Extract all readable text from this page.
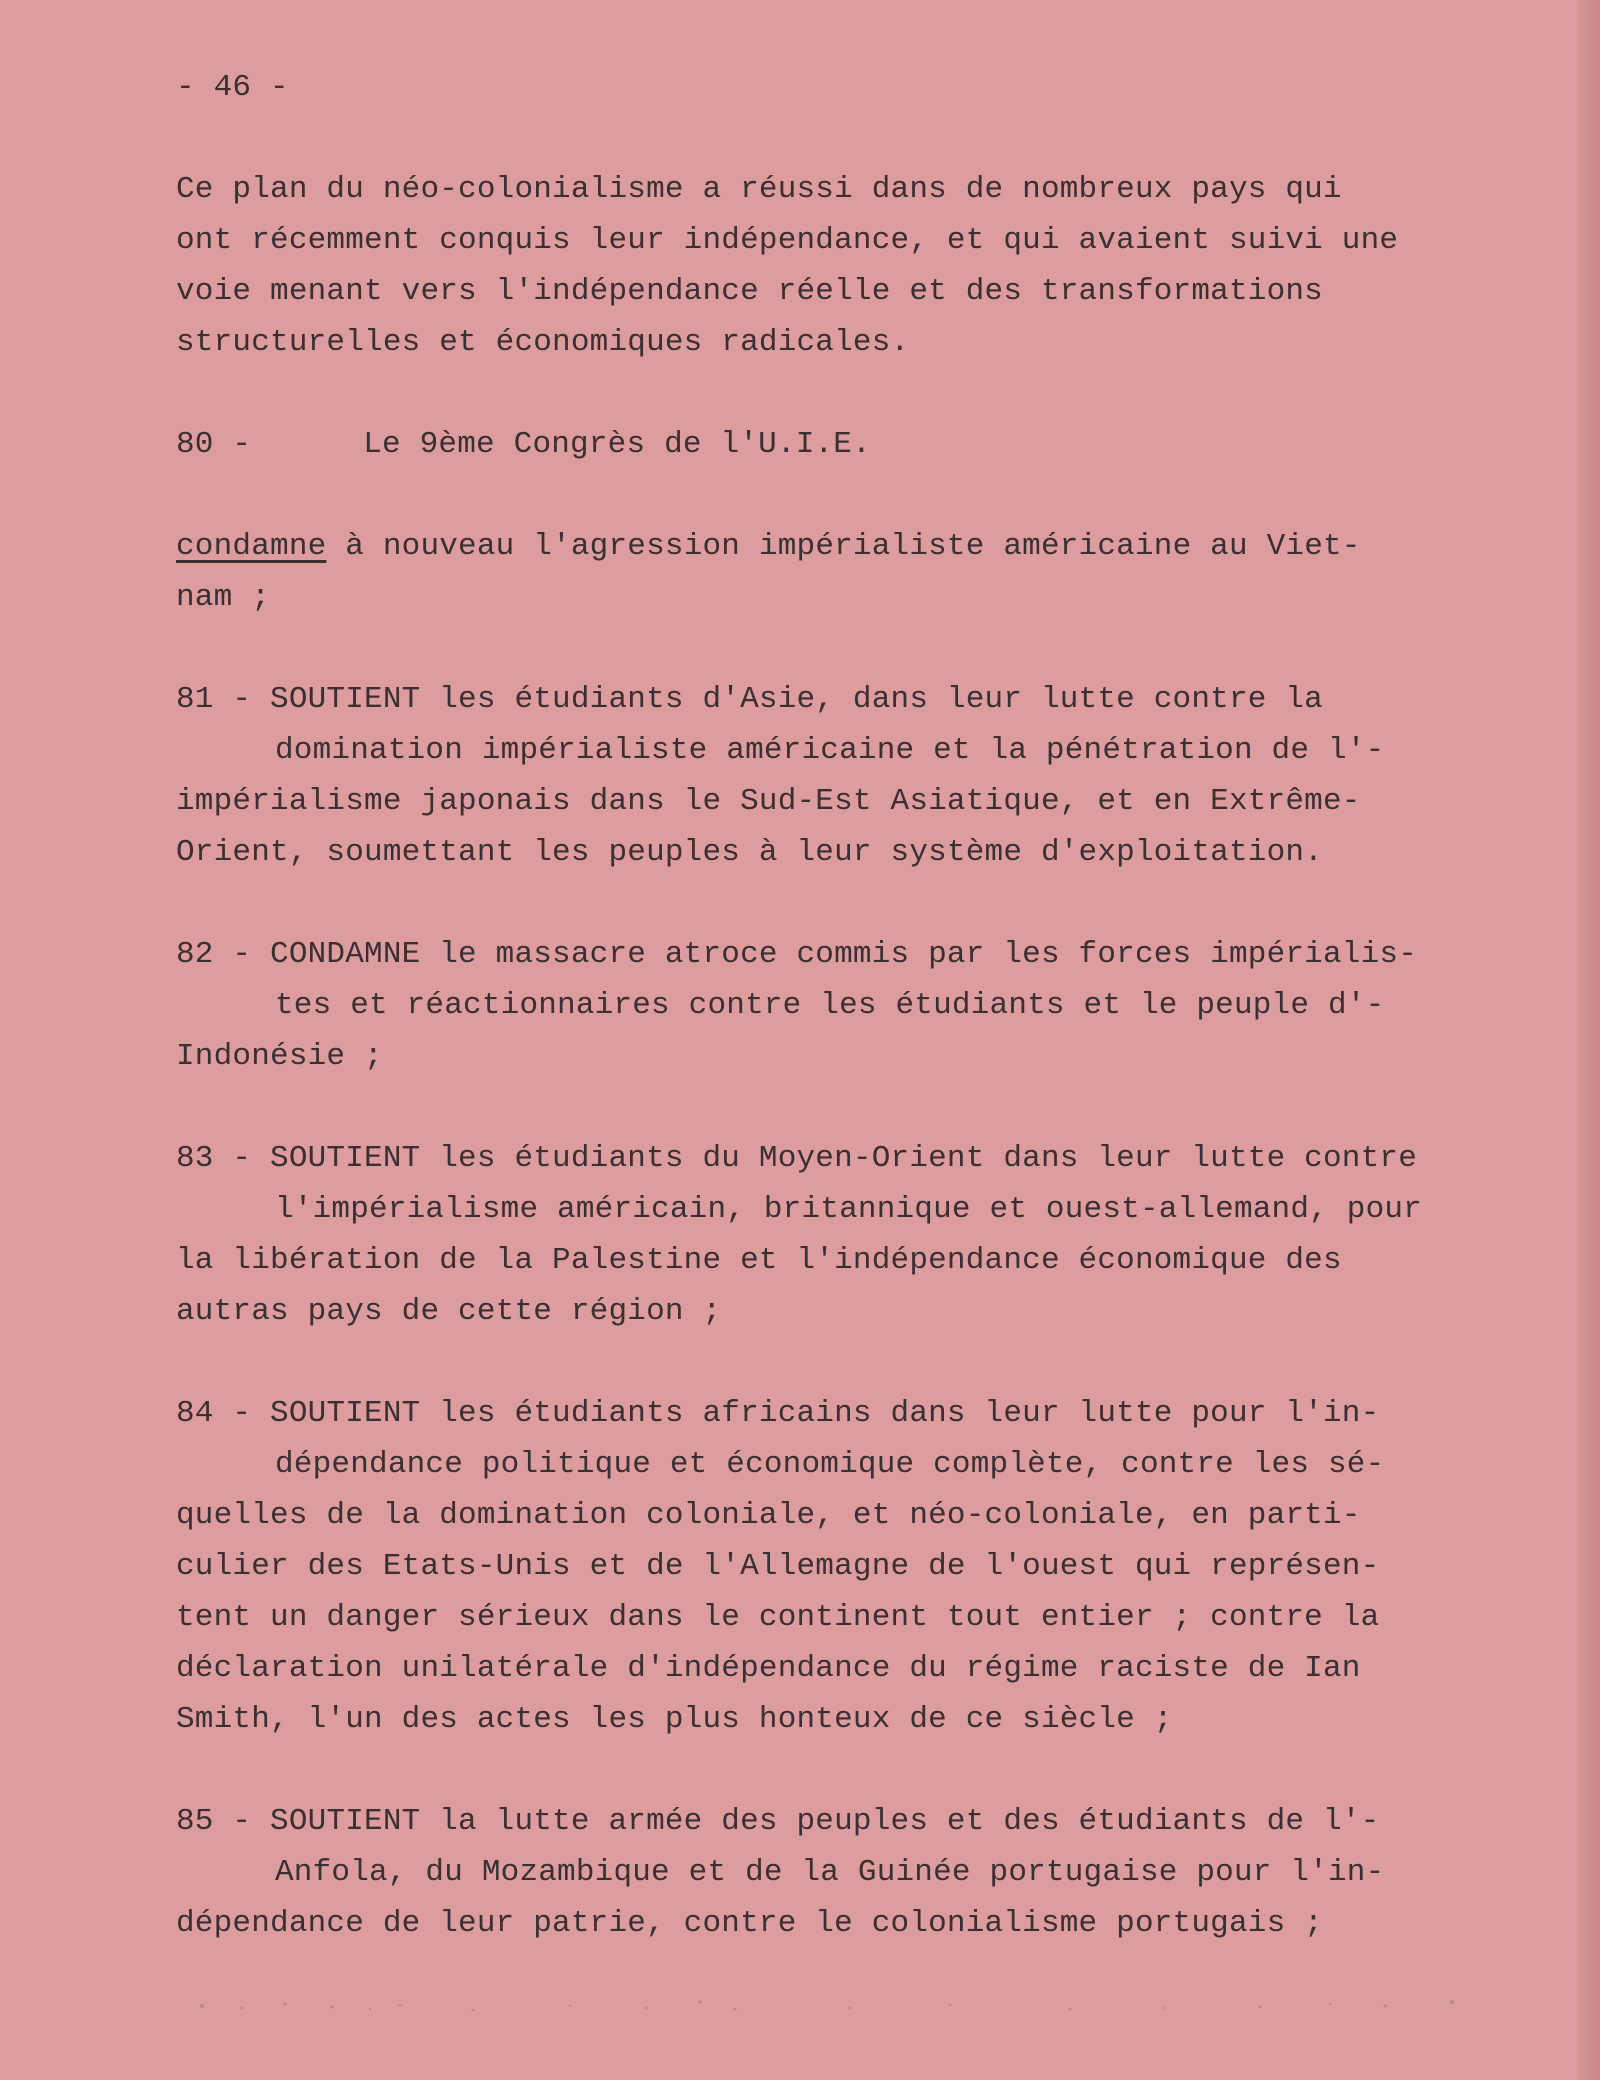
- 46 -

Ce plan du néo-colonialisme a réussi dans de nombreux pays qui
ont récemment conquis leur indépendance, et qui avaient suivi une
voie menant vers l'indépendance réelle et des transformations
structurelles et économiques radicales.

80 -	Le 9ème Congrès de l'U.I.E.

condamne à nouveau l'agression impérialiste américaine au Viet-
nam ;

81 - SOUTIENT les étudiants d'Asie, dans leur lutte contre la
domination impérialiste américaine et la pénétration de l'-
impérialisme japonais dans le Sud-Est Asiatique, et en Extrême-
Orient, soumettant les peuples à leur système d'exploitation.

82 - CONDAMNE le massacre atroce commis par les forces impérialis-
tes et réactionnaires contre les étudiants et le peuple d'-
Indonésie ;

83 - SOUTIENT les étudiants du Moyen-Orient dans leur lutte contre
l'impérialisme américain, britannique et ouest-allemand, pour
la libération de la Palestine et l'indépendance économique des
autras pays de cette région ;

84 - SOUTIENT les étudiants africains dans leur lutte pour l'in-
dépendance politique et économique complète, contre les sé-
quelles de la domination coloniale, et néo-coloniale, en parti-
culier des Etats-Unis et de l'Allemagne de l'ouest qui représen-
tent un danger sérieux dans le continent tout entier ; contre la
déclaration unilatérale d'indépendance du régime raciste de Ian
Smith, l'un des actes les plus honteux de ce siècle ;

85 - SOUTIENT la lutte armée des peuples et des étudiants de l'-
Anfola, du Mozambique et de la Guinée portugaise pour l'in-
dépendance de leur patrie, contre le colonialisme portugais ;
